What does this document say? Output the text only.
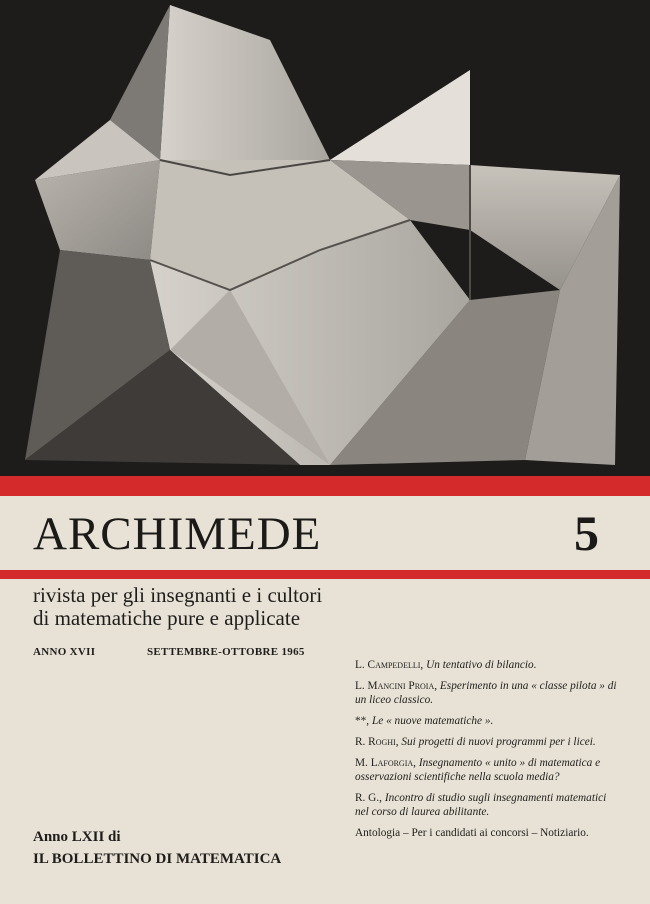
ARCHIMEDE	5
rivista per gli insegnanti e i cultori
di matematiche pure e applicate
ANNO XVII	SETTEMBRE-OTTOBRE 1965
L. Campedelli, Un tentativo di bilancio.
L. Mancini Proia, Esperimento in una « classe pilota » di un liceo classico.
**, Le « nuove matematiche ».
R. Roghi, Sui progetti di nuovi programmi per i licei.
M. Laforgia, Insegnamento « unito » di matematica e osservazioni scientifiche nella scuola media?
R. G., Incontro di studio sugli insegnamenti matematici nel corso di laurea abilitante.
Antologia – Per i candidati ai concorsi – Notiziario.
Anno LXII di
IL BOLLETTINO DI MATEMATICA
